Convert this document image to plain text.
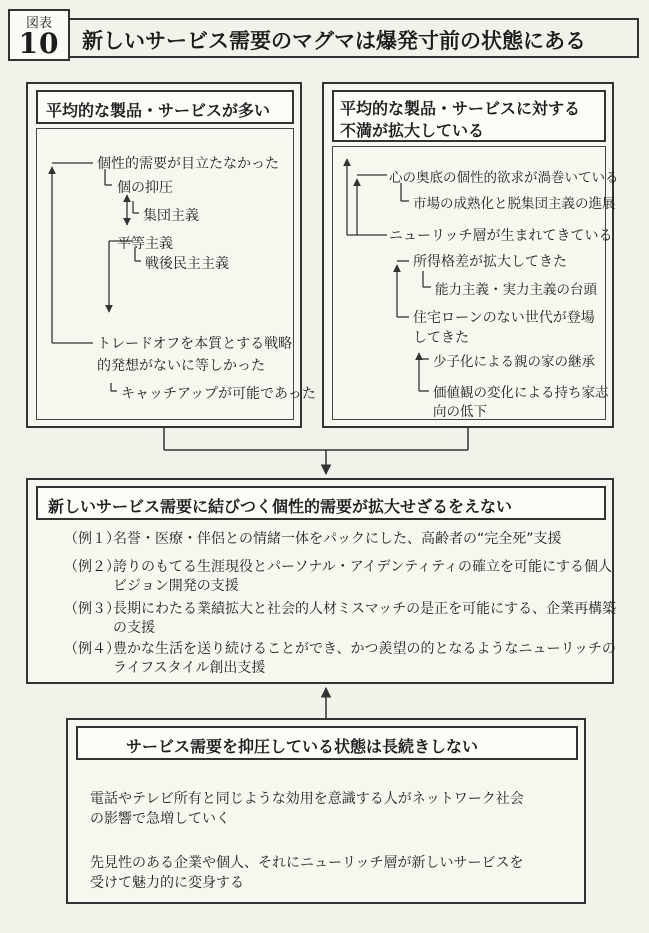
図表
10	新しいサービス需要のマグマは爆発寸前の状態にある
平均的な製品・サービスが多い
個性的需要が目立たなかった
個の抑圧
集団主義
平等主義
戦後民主主義
トレードオフを本質とする戦略
的発想がないに等しかった
キャッチアップが可能であった
平均的な製品・サービスに対する
不満が拡大している
心の奥底の個性的欲求が渦巻いている
市場の成熟化と脱集団主義の進展
ニューリッチ層が生まれてきている
所得格差が拡大してきた
能力主義・実力主義の台頭
住宅ローンのない世代が登場
してきた
少子化による親の家の継承
価値観の変化による持ち家志
向の低下
新しいサービス需要に結びつく個性的需要が拡大せざるをえない
（例１）
名誉・医療・伴侶との情緒一体をパックにした、高齢者の“完全死”支援
（例２）
誇りのもてる生涯現役とパーソナル・アイデンティティの確立を可能にする個人ビジョン開発の支援
（例３）
長期にわたる業績拡大と社会的人材ミスマッチの是正を可能にする、企業再構築の支援
（例４）
豊かな生活を送り続けることができ、かつ羨望の的となるようなニューリッチのライフスタイル創出支援
サービス需要を抑圧している状態は長続きしない
電話やテレビ所有と同じような効用を意識する人がネットワーク社会
の影響で急増していく
先見性のある企業や個人、それにニューリッチ層が新しいサービスを
受けて魅力的に変身する
